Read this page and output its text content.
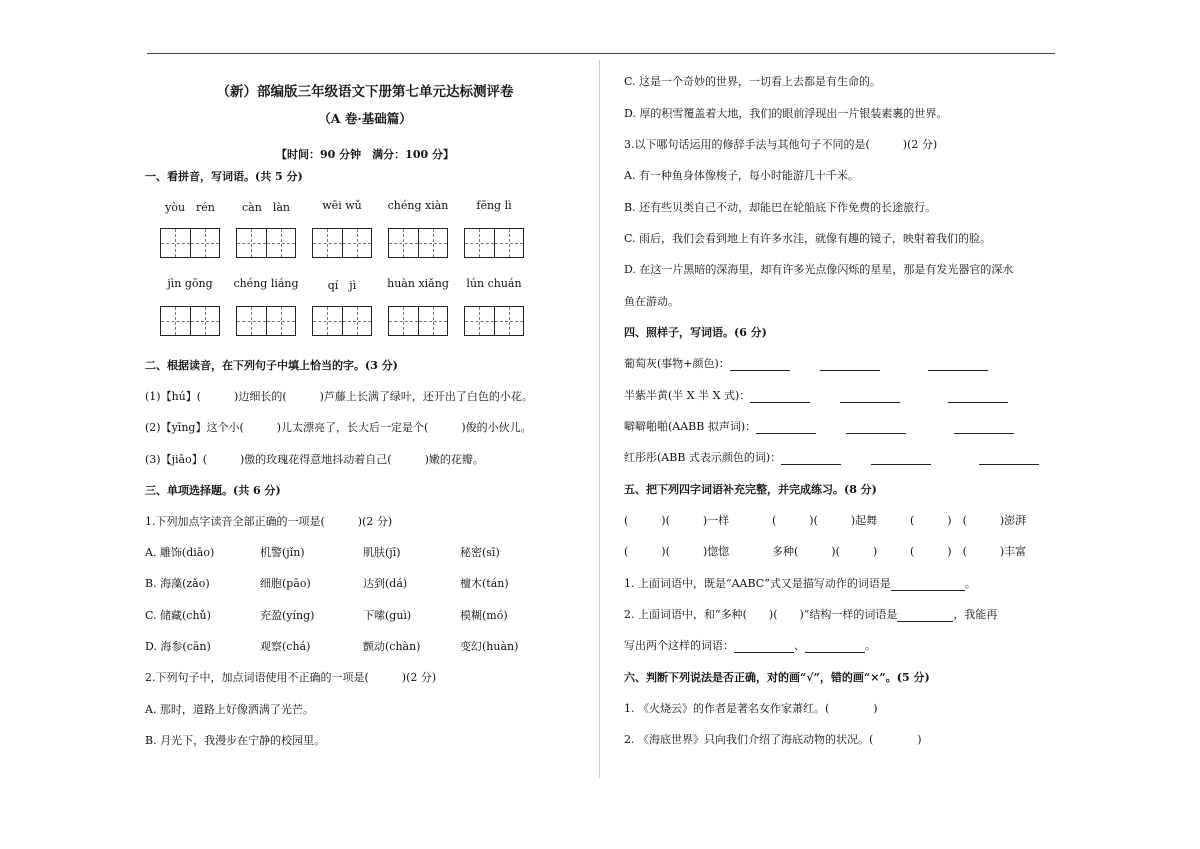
（新）部编版三年级语文下册第七单元达标测评卷
（A 卷·基础篇）
【时间：90 分钟　满分：100 分】
一、看拼音，写词语。(共 5 分)
yòu　rén	càn　làn	wēi wǔ	chéng xiàn	fēng lì
jìn gōng	chéng liáng	qí　jì	huàn xiǎng	lún chuán
二、根据读音，在下列句子中填上恰当的字。(3 分)
(1)【hú】(　　　)边细长的(　　　)芦藤上长满了绿叶，还开出了白色的小花。
(2)【yīng】这个小(　　　)儿太漂亮了，长大后一定是个(　　　)俊的小伙儿。
(3)【jiāo】(　　　)傲的玫瑰花得意地抖动着自己(　　　)嫩的花瓣。
三、单项选择题。(共 6 分)
1.下列加点字读音全部正确的一项是(　　　)(2 分)
A. 雕饰(diāo)	机警(jǐn)	肌肤(jī)	秘密(sī)
B. 海藻(zǎo)	细胞(pāo)	达到(dá)	檀木(tán)
C. 储藏(chǔ)	充盈(yíng)	下嗦(guì)	模糊(mó)
D. 海参(cān)	观察(chá)	颤动(chàn)	变幻(huàn)
2.下列句子中，加点词语使用不正确的一项是(　　　)(2 分)
A. 那时，道路上好像洒满了光芒。
B. 月光下，我漫步在宁静的校园里。
C. 这是一个奇妙的世界，一切看上去都是有生命的。
D. 厚的积雪覆盖着大地，我们的眼前浮现出一片银装素裹的世界。
3.以下哪句话运用的修辞手法与其他句子不同的是(　　　)(2 分)
A. 有一种鱼身体像梭子，每小时能游几十千米。
B. 还有些贝类自己不动，却能巴在轮船底下作免费的长途旅行。
C. 雨后，我们会看到地上有许多水洼，就像有趣的镜子，映射着我们的脸。
D. 在这一片黑暗的深海里，却有许多光点像闪烁的星星，那是有发光器官的深水
鱼在游动。
四、照样子，写词语。(6 分)
葡萄灰(事物+颜色)：
半紫半黄(半 X 半 X 式)：
噼噼啪啪(AABB 拟声词)：
红彤彤(ABB 式表示颜色的词)：
五、把下列四字词语补充完整，并完成练习。(8 分)
(　　　)(　　　)一样	(　　　)(　　　)起舞	(　　　)　(　　　)澎湃
(　　　)(　　　)惚惚	多种(　　　)(　　　)	(　　　)　(　　　)丰富
1. 上面词语中，既是“AABC”式又是描写动作的词语是	。
2. 上面词语中，和“多种(　　)(　　)”结构一样的词语是	，我能再
写出两个这样的词语：	、	。
六、判断下列说法是否正确，对的画“√”，错的画“×”。(5 分)
1. 《火烧云》的作者是著名女作家萧红。(　　　　)
2. 《海底世界》只向我们介绍了海底动物的状况。(　　　　)
